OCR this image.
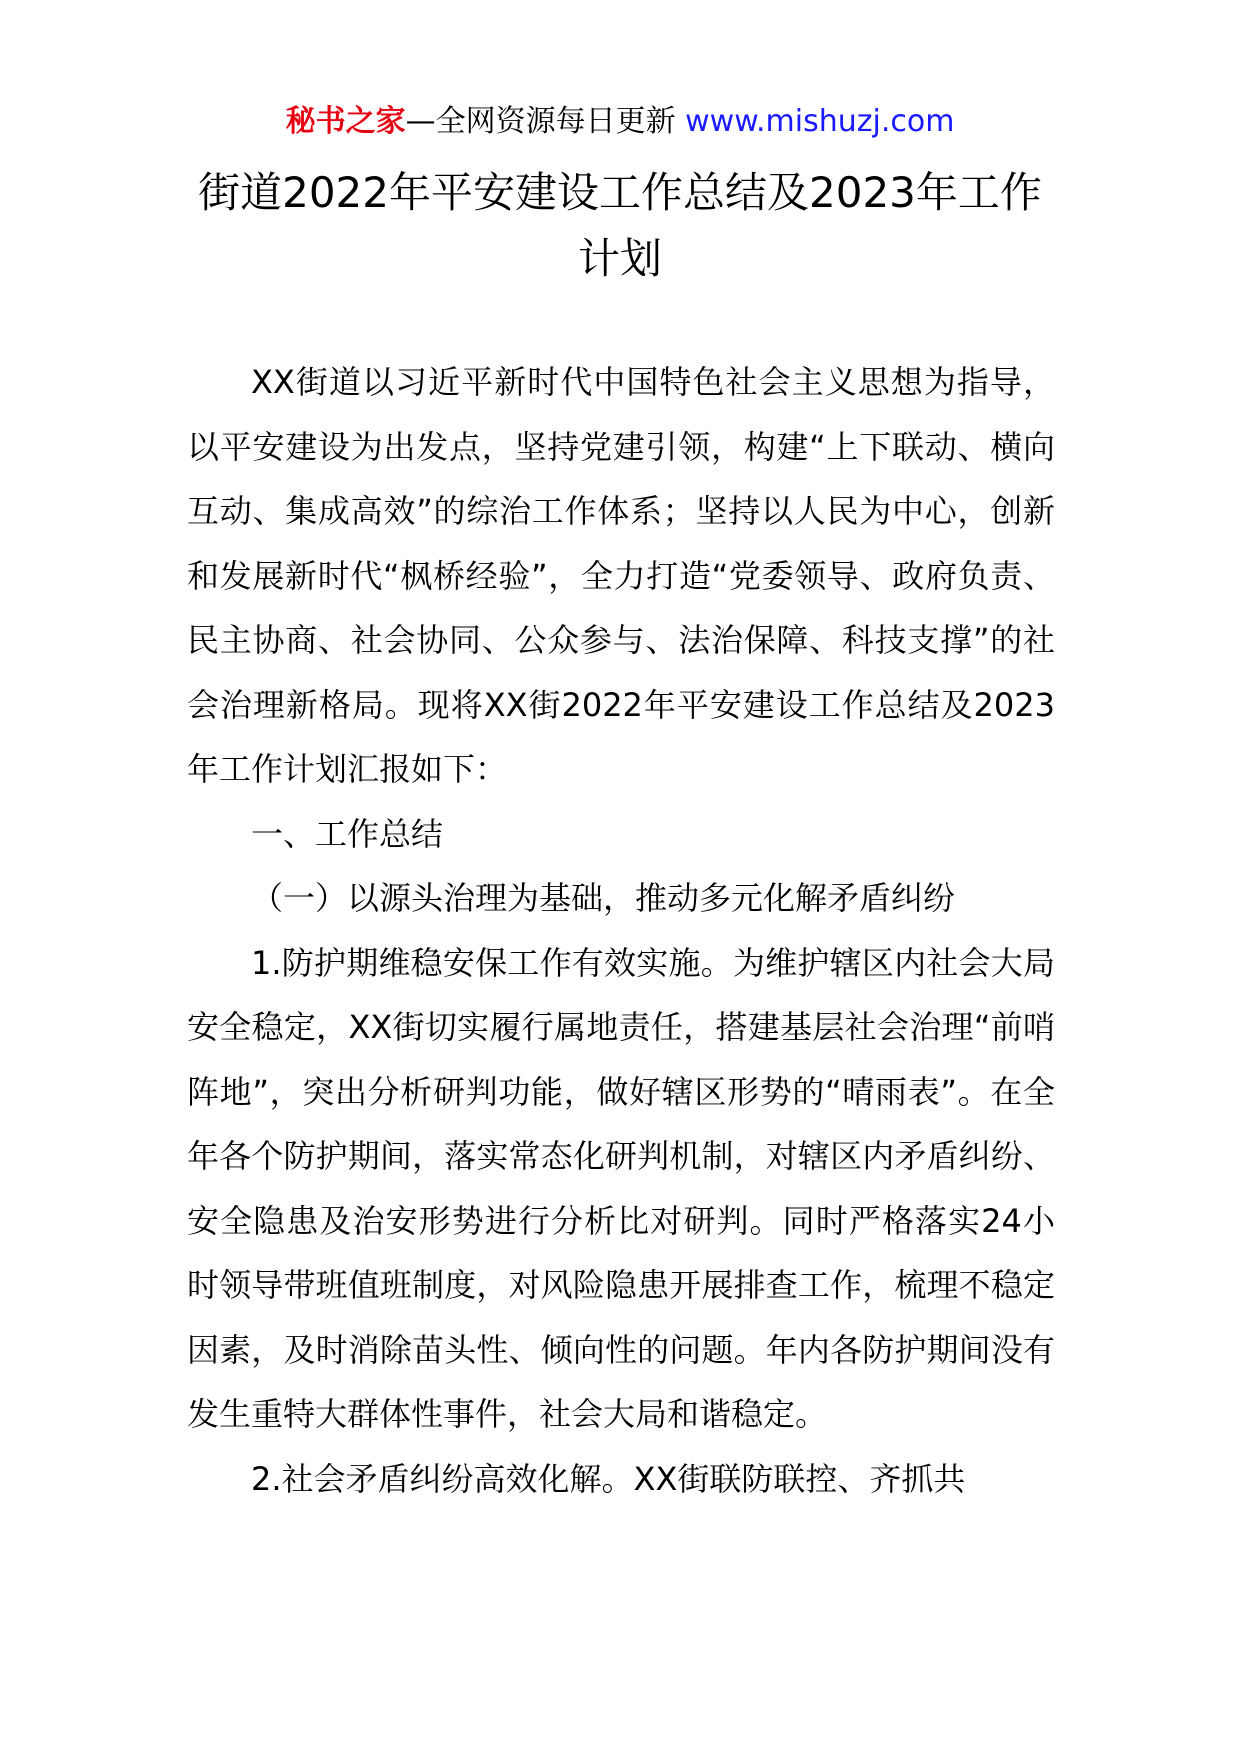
秘书之家—全网资源每日更新 www.mishuzj.com
街道2022年平安建设工作总结及2023年工作计划

XX街道以习近平新时代中国特色社会主义思想为指导，以平安建设为出发点，坚持党建引领，构建“上下联动、横向互动、集成高效”的综治工作体系；坚持以人民为中心，创新和发展新时代“枫桥经验”，全力打造“党委领导、政府负责、民主协商、社会协同、公众参与、法治保障、科技支撑”的社会治理新格局。现将XX街2022年平安建设工作总结及2023年工作计划汇报如下：

一、工作总结

（一）以源头治理为基础，推动多元化解矛盾纠纷

1.防护期维稳安保工作有效实施。为维护辖区内社会大局安全稳定，XX街切实履行属地责任，搭建基层社会治理“前哨阵地”，突出分析研判功能，做好辖区形势的“晴雨表”。在全年各个防护期间，落实常态化研判机制，对辖区内矛盾纠纷、安全隐患及治安形势进行分析比对研判。同时严格落实24小时领导带班值班制度，对风险隐患开展排查工作，梳理不稳定因素，及时消除苗头性、倾向性的问题。年内各防护期间没有发生重特大群体性事件，社会大局和谐稳定。

2.社会矛盾纠纷高效化解。XX街联防联控、齐抓共
